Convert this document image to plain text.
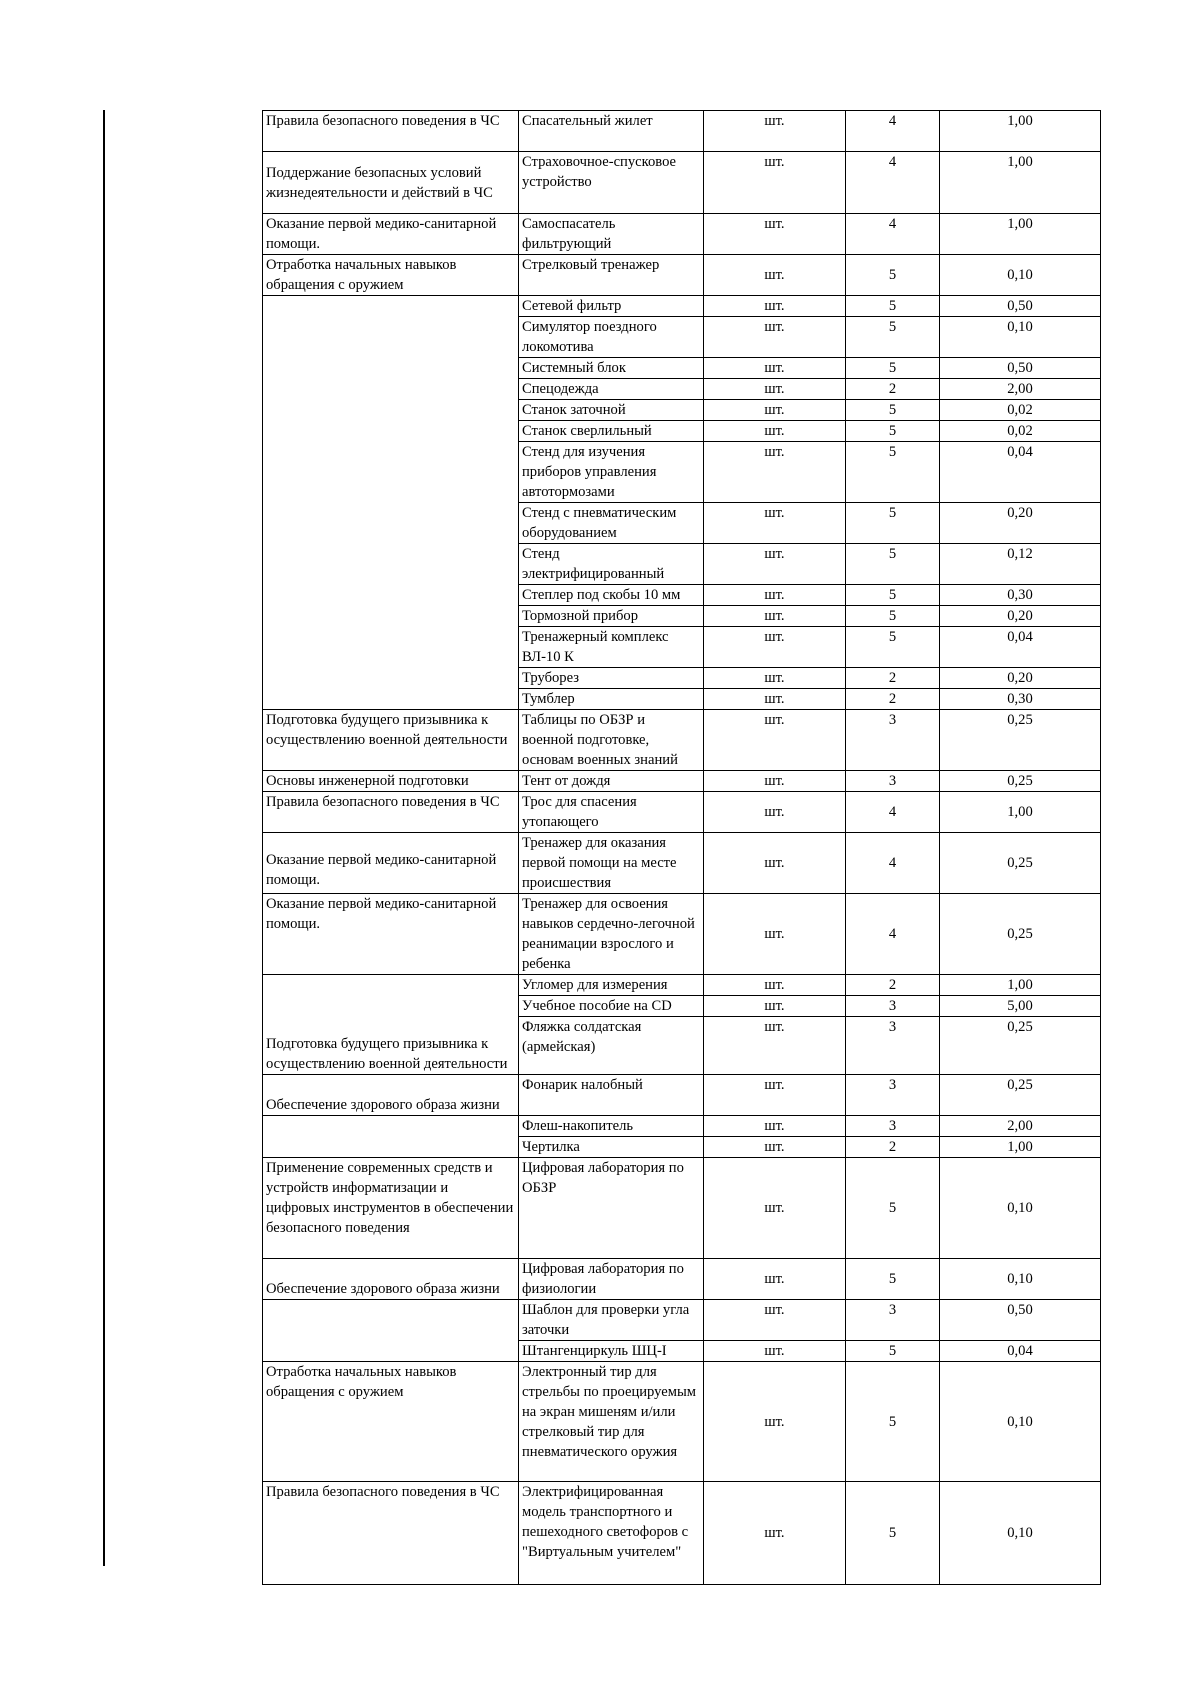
Правила безопасного поведения в ЧС	Спасательный жилет	шт.	4	1,00

Поддержание безопасных условий жизнедеятельности и действий в ЧС	Страховочное-спусковое устройство	шт.	4	1,00

Оказание первой медико-санитарной помощи.	Самоспасатель фильтрующий	шт.	4	1,00

Отработка начальных навыков обращения с оружием	Стрелковый тренажер	шт.	5	0,10

	Сетевой фильтр	шт.	5	0,50

	Симулятор поездного локомотива	шт.	5	0,10

	Системный блок	шт.	5	0,50

	Спецодежда	шт.	2	2,00

	Станок заточной	шт.	5	0,02

	Станок сверлильный	шт.	5	0,02

	Стенд для изучения приборов управления автотормозами	шт.	5	0,04

	Стенд с пневматическим оборудованием	шт.	5	0,20

	Стенд электрифицированный	шт.	5	0,12

	Степлер под скобы 10 мм	шт.	5	0,30

	Тормозной прибор	шт.	5	0,20

	Тренажерный комплекс ВЛ-10 К	шт.	5	0,04

	Труборез	шт.	2	0,20

	Тумблер	шт.	2	0,30

Подготовка будущего призывника к осуществлению военной деятельности	Таблицы по ОБЗР и военной подготовке, основам военных знаний	шт.	3	0,25

Основы инженерной подготовки	Тент от дождя	шт.	3	0,25

Правила безопасного поведения в ЧС	Трос для спасения утопающего	шт.	4	1,00

Оказание первой медико-санитарной помощи.	Тренажер для оказания первой помощи на месте происшествия	шт.	4	0,25

Оказание первой медико-санитарной помощи.	Тренажер для освоения навыков сердечно-легочной реанимации взрослого и ребенка	шт.	4	0,25

Подготовка будущего призывника к осуществлению военной деятельности	Угломер для измерения	шт.	2	1,00

	Учебное пособие на CD	шт.	3	5,00

	Фляжка солдатская (армейская)	шт.	3	0,25

Обеспечение здорового образа жизни	Фонарик налобный	шт.	3	0,25

	Флеш-накопитель	шт.	3	2,00

	Чертилка	шт.	2	1,00

Применение современных средств и устройств информатизации и цифровых инструментов в обеспечении безопасного поведения	Цифровая лаборатория по ОБЗР	шт.	5	0,10

Обеспечение здорового образа жизни	Цифровая лаборатория по физиологии	шт.	5	0,10

	Шаблон для проверки угла заточки	шт.	3	0,50

	Штангенциркуль ШЦ-I	шт.	5	0,04

Отработка начальных навыков обращения с оружием	Электронный тир для стрельбы по проецируемым на экран мишеням и/или стрелковый тир для пневматического оружия	шт.	5	0,10

Правила безопасного поведения в ЧС	Электрифицированная модель транспортного и пешеходного светофоров с "Виртуальным учителем"	шт.	5	0,10
